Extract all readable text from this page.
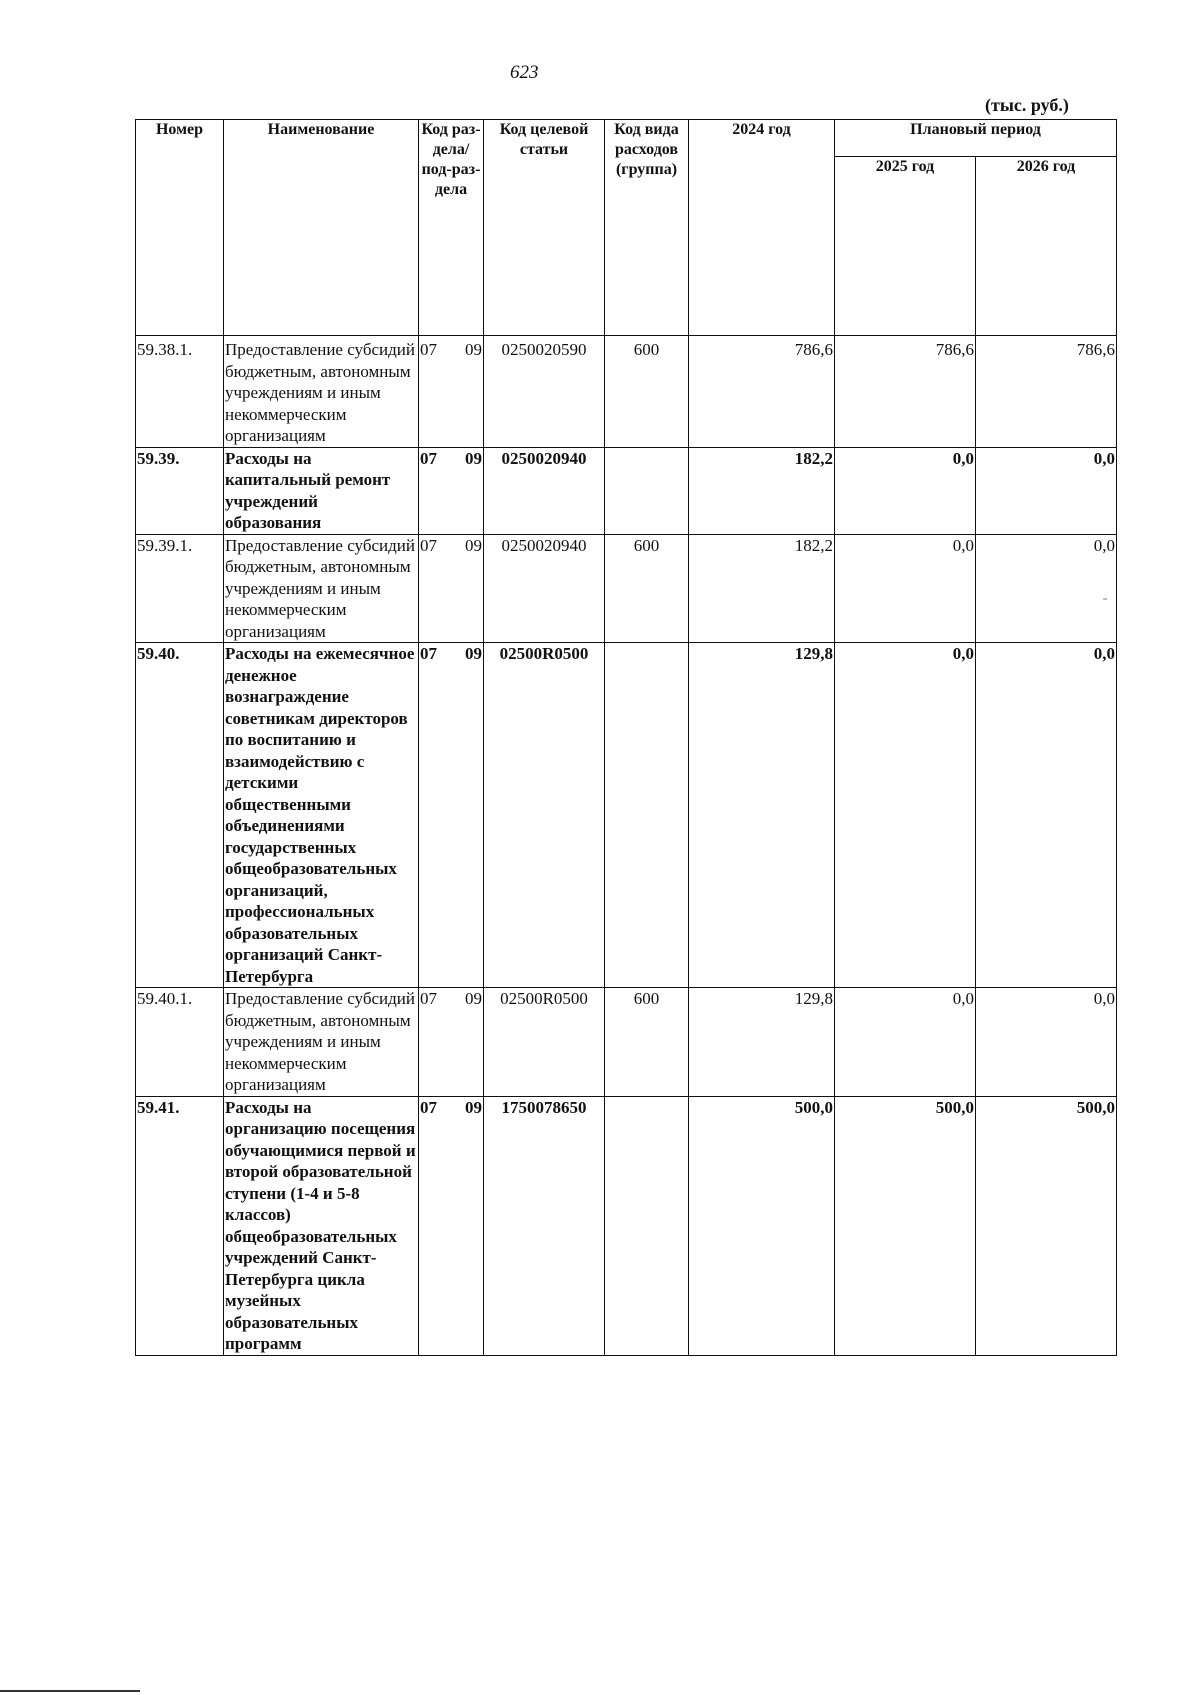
623
(тыс. руб.)
Номер	Наименование	Код раз-дела/ под-раз-дела	Код целевой статьи	Код вида расходов (группа)	2024 год	Плановый период	
						2025 год	2026 год
59.38.1.	Предоставление субсидий бюджетным, автономным учреждениям и иным некоммерческим организациям	07 09	0250020590	600	786,6	786,6	786,6
59.39.	Расходы на капитальный ремонт учреждений образования	07 09	0250020940		182,2	0,0	0,0
59.39.1.	Предоставление субсидий бюджетным, автономным учреждениям и иным некоммерческим организациям	07 09	0250020940	600	182,2	0,0	0,0
59.40.	Расходы на ежемесячное денежное вознаграждение советникам директоров по воспитанию и взаимодействию с детскими общественными объединениями государственных общеобразовательных организаций, профессиональных образовательных организаций Санкт-Петербурга	07 09	02500R0500		129,8	0,0	0,0
59.40.1.	Предоставление субсидий бюджетным, автономным учреждениям и иным некоммерческим организациям	07 09	02500R0500	600	129,8	0,0	0,0
59.41.	Расходы на организацию посещения обучающимися первой и второй образовательной ступени (1-4 и 5-8 классов) общеобразовательных учреждений Санкт-Петербурга цикла музейных образовательных программ	07 09	1750078650		500,0	500,0	500,0
